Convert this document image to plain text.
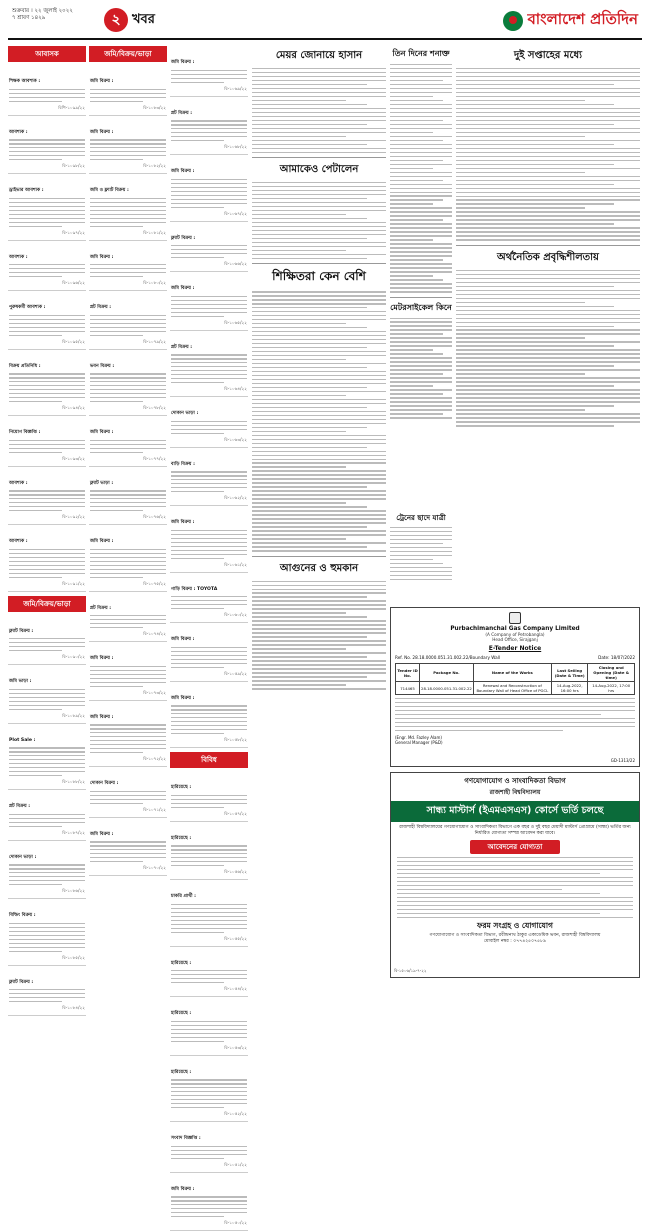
শুক্রবার । ২২ জুলাই ২০২২
৭ শ্রাবণ ১৪২৯	২ খবর	বাংলাদেশ প্রতিদিন
আবাসক
শিক্ষক আবশ্যক :
বিপি-১০৯৯/২২
আবশ্যক :
বি-১০৯৮/২২
ড্রাইভার আবশ্যক :
বি-১০৯৭/২২
আবশ্যক :
বি-১০৯৬/২২
পুরুষকর্মী আবশ্যক :
বি-১০৯৫/২২
বিক্রয় প্রতিনিধি :
বি-১০৯৪/২২
নিয়োগ বিজ্ঞপ্তি :
বি-১০৯৩/২২
আবশ্যক :
বি-১০৯২/২২
আবশ্যক :
বি-১০৯১/২২
জমি/বিক্রয়/ভাড়া
ফ্ল্যাট বিক্রয় :
বি-১০৯০/২২
জমি ভাড়া :
বি-১০৮৯/২২
Plot Sale :
বি-১০৮৮/২২
প্লট বিক্রয় :
বি-১০৮৭/২২
দোকান ভাড়া :
বি-১০৮৬/২২
বিল্ডিং বিক্রয় :
বি-১০৮৫/২২
ফ্ল্যাট বিক্রয় :
বি-১০৮৪/২২
জমি/বিক্রয়/ভাড়া
জমি বিক্রয় :
বি-১০৮৩/২২
জমি বিক্রয় :
বি-১০৮২/২২
জমি ও ফ্ল্যাট বিক্রয় :
বি-১০৮১/২২
জমি বিক্রয় :
বি-১০৮০/২২
প্লট বিক্রয় :
বি-১০৭৯/২২
ভবন বিক্রয় :
বি-১০৭৮/২২
জমি বিক্রয় :
বি-১০৭৭/২২
ফ্ল্যাট ভাড়া :
বি-১০৭৬/২২
জমি বিক্রয় :
বি-১০৭৫/২২
প্লট বিক্রয় :
বি-১০৭৪/২২
জমি বিক্রয় :
বি-১০৭৩/২২
জমি বিক্রয় :
বি-১০৭২/২২
দোকান বিক্রয় :
বি-১০৭১/২২
জমি বিক্রয় :
বি-১০৭০/২২
জমি বিক্রয় :
বি-১০৬৯/২২
প্লট বিক্রয় :
বি-১০৬৮/২২
জমি বিক্রয় :
বি-১০৬৭/২২
ফ্ল্যাট বিক্রয় :
বি-১০৬৬/২২
জমি বিক্রয় :
বি-১০৬৫/২২
প্লট বিক্রয় :
বি-১০৬৪/২২
দোকান ভাড়া :
বি-১০৬৩/২২
বাড়ি বিক্রয় :
বি-১০৬২/২২
জমি বিক্রয় :
বি-১০৬১/২২
গাড়ি বিক্রয় : TOYOTA
বি-১০৬০/২২
জমি বিক্রয় :
বি-১০৫৯/২২
জমি বিক্রয় :
বি-১০৫৮/২২
বিবিধ
হারিয়েছে :
বি-১০৫৭/২২
হারিয়েছে :
বি-১০৫৬/২২
চাকরি প্রার্থী :
বি-১০৫৫/২২
হারিয়েছে :
বি-১০৫৪/২২
হারিয়েছে :
বি-১০৫৩/২২
হারিয়েছে :
বি-১০৫২/২২
সংবাদ বিজ্ঞপ্তি :
বি-১০৫১/২২
জমি বিক্রয় :
বি-১০৫০/২২
মেয়র জোনায়ে হাসান
আমাকেও পেটালেন
শিক্ষিতরা কেন বেশি
আগুনের ও হুমকান
তিন দিনের শনাক্ত
মেটরসাইকেল কিনে
দুই সপ্তাহের মধ্যে
অর্থনৈতিক প্রবৃদ্ধিশীলতায়
ট্রেনের ছাদে যাত্রী
Purbachimanchal Gas Company Limited
(A Company of Petrobangla)
Head Office, Sirajganj
E-Tender Notice
Ref. No. 28.18.0000.051.31.002.22/Boundary Wall	Date: 18/07/2022
Tender ID No.	Package No.	Name of the Works	Last Selling (Date & Time)	Closing and Opening (Date & time)
714465	28.18.0000.051.31.002.22	Renewal and Reconstruction of Boundary Wall of Head Office of PGCL	14-Aug-2022, 16:00 hrs	14-Aug-2022, 17:00 hrs
(Engr. Md. Fazley Alam)
General Manager (P&D)
GD-1313/22
গণযোগাযোগ ও সাংবাদিকতা বিভাগ
রাজশাহী বিশ্ববিদ্যালয়
সান্ধ্য মাস্টার্স (ইএমএসএস) কোর্সে ভর্তি চলছে
রাজশাহী বিশ্ববিদ্যালয়ের গণযোগাযোগ ও সাংবাদিকতা বিভাগে এক বছর ও দুই বছর মেয়াদী মাস্টার্স প্রোগ্রামে (সান্ধ্য) ভর্তির জন্য নির্ধারিত যোগ্যতা সম্পন্ন আবেদন করা যাবে।
আবেদনের যোগ্যতা
ফরম সংগ্রহ ও যোগাযোগ
গণযোগাযোগ ও সাংবাদিকতা বিভাগ, রবীন্দ্রনাথ ঠাকুর একাডেমিক ভবন, রাজশাহী বিশ্ববিদ্যালয়
মোবাইল নম্বর : ০৭৭৪২৫০৭৫৮৯
বি-১৫০৬/১৯-৭-২২
